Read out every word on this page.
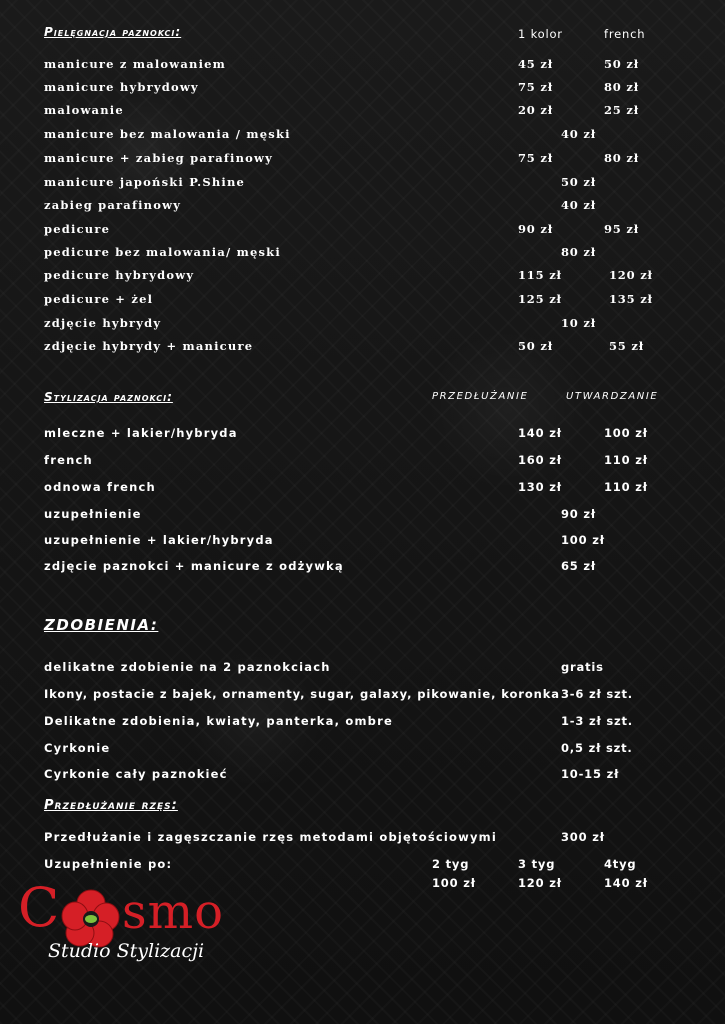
Pielęgnacja paznokci:	1 kolor	french
manicure z malowaniem	45 zł	50 zł
manicure hybrydowy	75 zł	80 zł
malowanie	20 zł	25 zł
manicure bez malowania / męski	40 zł
manicure + zabieg parafinowy	75 zł	80 zł
manicure japoński P.Shine	50 zł
zabieg parafinowy	40 zł
pedicure	90 zł	95 zł
pedicure bez malowania/ męski	80 zł
pedicure hybrydowy	115 zł	120 zł
pedicure + żel	125 zł	135 zł
zdjęcie hybrydy	10 zł
zdjęcie hybrydy + manicure	50 zł	55 zł
Stylizacja paznokci:	PRZEDŁUŻANIE	UTWARDZANIE
mleczne + lakier/hybryda	140 zł	100 zł
french	160 zł	110 zł
odnowa french	130 zł	110 zł
uzupełnienie	90 zł
uzupełnienie + lakier/hybryda	100 zł
zdjęcie paznokci + manicure z odżywką	65 zł
ZDOBIENIA:
delikatne zdobienie na 2 paznokciach	gratis
Ikony, postacie z bajek, ornamenty, sugar, galaxy, pikowanie, koronka 3-6 zł szt.
Delikatne zdobienia, kwiaty, panterka, ombre	1-3 zł szt.
Cyrkonie	0,5 zł szt.
Cyrkonie cały paznokieć	10-15 zł
Przedłużanie rzęs:
Przedłużanie i zagęszczanie rzęs metodami objętościowymi	300 zł
Uzupełnienie po:	2 tyg	3 tyg	4tyg
100 zł	120 zł	140 zł
C smo
Studio Stylizacji
